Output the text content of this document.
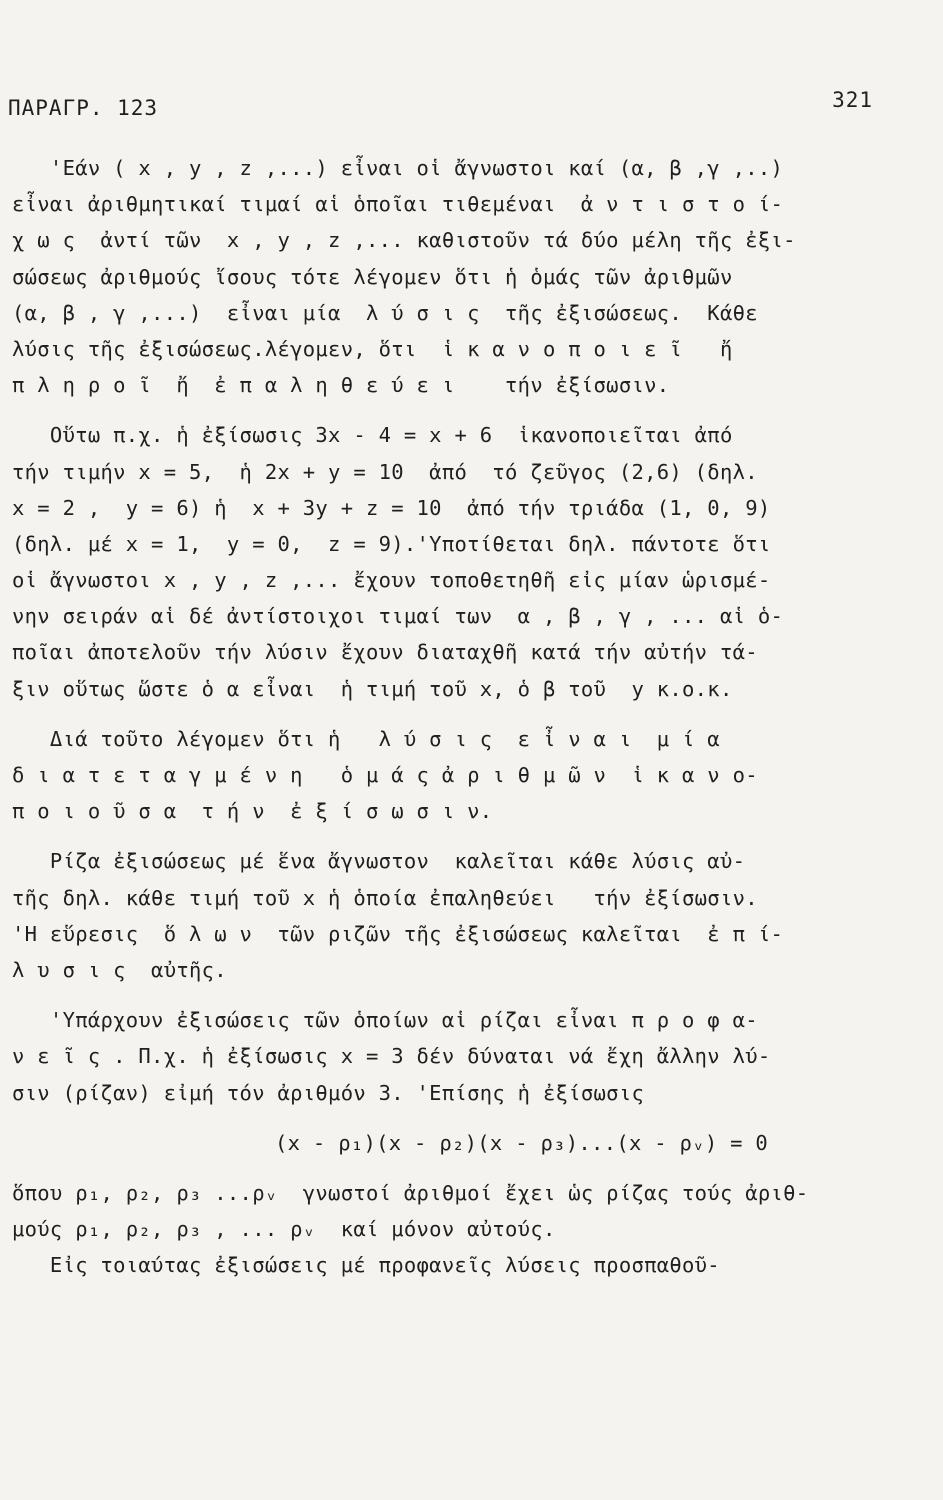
ΠΑΡΑΓΡ. 123	321
'Εάν ( x , y , z ,...) εἶναι οἱ ἄγνωστοι καί (α, β ,γ ,..)
εἶναι ἀριθμητικαί τιμαί αἱ ὁποῖαι τιθεμέναι  ἀ ν τ ι σ τ ο ί-
χ ω ς  ἀντί τῶν  x , y , z ,... καθιστοῦν τά δύο μέλη τῆς ἐξι-
σώσεως ἀριθμούς ἴσους τότε λέγομεν ὅτι ἡ ὁμάς τῶν ἀριθμῶν
(α, β , γ ,...)  εἶναι μία  λ ύ σ ι ς  τῆς ἐξισώσεως.  Κάθε
λύσις τῆς ἐξισώσεως.λέγομεν, ὅτι  ἱ κ α ν ο π ο ι ε ῖ   ἤ
π λ η ρ ο ῖ  ἤ  ἐ π α λ η θ ε ύ ε ι    τήν ἐξίσωσιν.
Οὕτω π.χ. ἡ ἐξίσωσις 3x - 4 = x + 6  ἱκανοποιεῖται ἀπό
τήν τιμήν x = 5,  ἡ 2x + y = 10  ἀπό  τό ζεῦγος (2,6) (δηλ.
x = 2 ,  y = 6) ἡ  x + 3y + z = 10  ἀπό τήν τριάδα (1, 0, 9)
(δηλ. μέ x = 1,  y = 0,  z = 9).'Υποτίθεται δηλ. πάντοτε ὅτι
οἱ ἄγνωστοι x , y , z ,... ἔχουν τοποθετηθῆ εἰς μίαν ὡρισμέ-
νην σειράν αἱ δέ ἀντίστοιχοι τιμαί των  α , β , γ , ... αἱ ὁ-
ποῖαι ἀποτελοῦν τήν λύσιν ἔχουν διαταχθῆ κατά τήν αὐτήν τά-
ξιν οὕτως ὥστε ὁ α εἶναι  ἡ τιμή τοῦ x, ὁ β τοῦ  y κ.ο.κ.
Διά τοῦτο λέγομεν ὅτι ἡ   λ ύ σ ι ς  ε ἶ ν α ι  μ ί α
δ ι α τ ε τ α γ μ έ ν η   ὁ μ ά ς ἀ ρ ι θ μ ῶ ν  ἱ κ α ν ο-
π ο ι ο ῦ σ α  τ ή ν  ἐ ξ ί σ ω σ ι ν.
Ρίζα ἐξισώσεως μέ ἕνα ἄγνωστον  καλεῖται κάθε λύσις αὐ-
τῆς δηλ. κάθε τιμή τοῦ x ἡ ὁποία ἐπαληθεύει   τήν ἐξίσωσιν.
'Η εὕρεσις  ὅ λ ω ν  τῶν ριζῶν τῆς ἐξισώσεως καλεῖται  ἐ π ί-
λ υ σ ι ς  αὐτῆς.
'Υπάρχουν ἐξισώσεις τῶν ὁποίων αἱ ρίζαι εἶναι π ρ ο φ α-
ν ε ῖ ς . Π.χ. ἡ ἐξίσωσις x = 3 δέν δύναται νά ἔχη ἄλλην λύ-
σιν (ρίζαν) εἰμή τόν ἀριθμόν 3. 'Επίσης ἡ ἐξίσωσις
(x - ρ₁)(x - ρ₂)(x - ρ₃)...(x - ρᵥ) = 0
ὅπου ρ₁, ρ₂, ρ₃ ...ρᵥ  γνωστοί ἀριθμοί ἔχει ὡς ρίζας τούς ἀριθ-
μούς ρ₁, ρ₂, ρ₃ , ... ρᵥ  καί μόνον αὐτούς.
Εἰς τοιαύτας ἐξισώσεις μέ προφανεῖς λύσεις προσπαθοῦ-
